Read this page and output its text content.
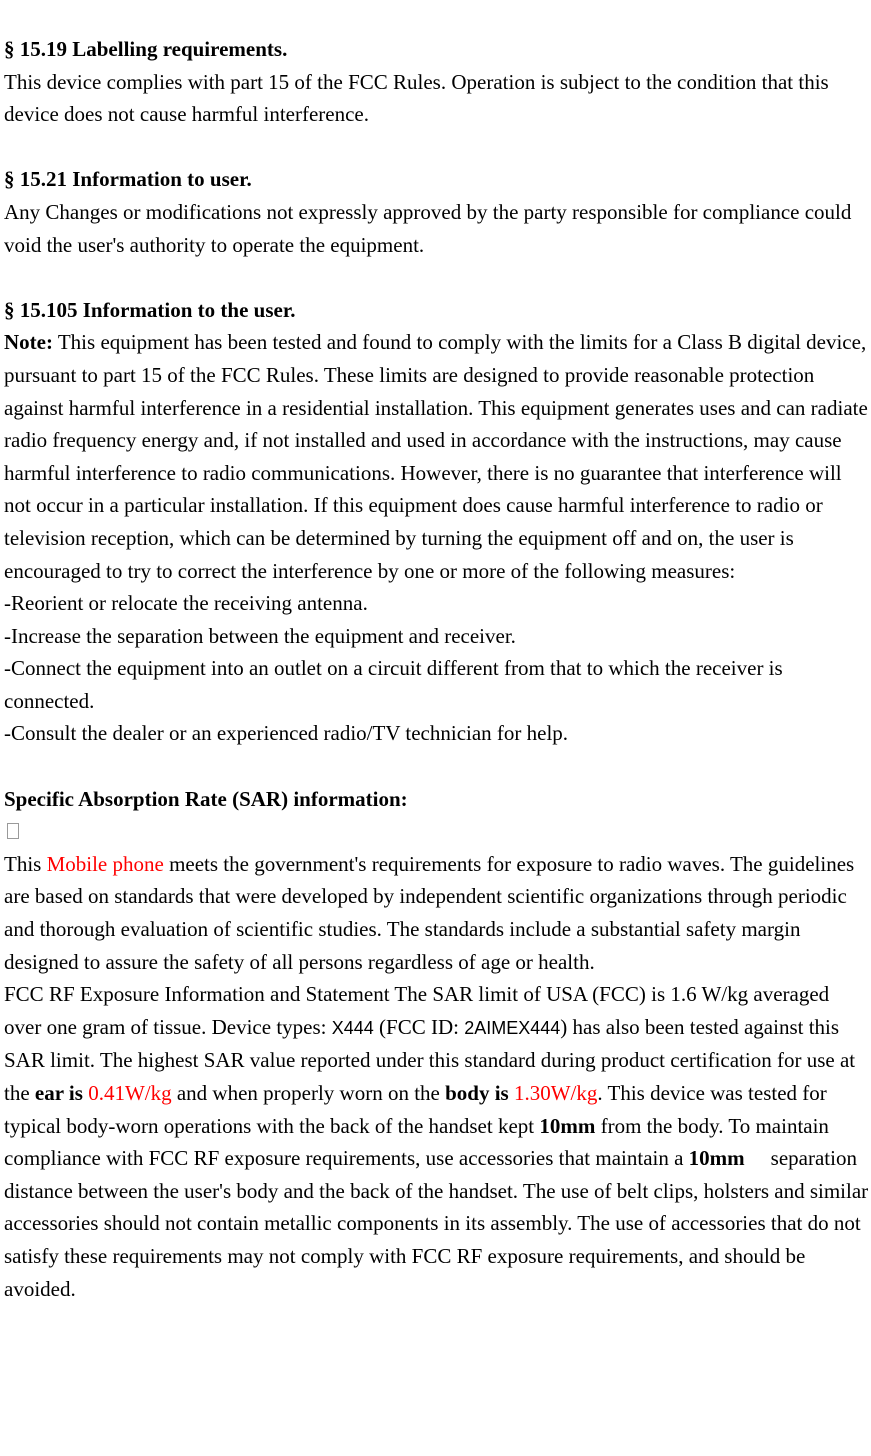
§ 15.19 Labelling requirements.

This device complies with part 15 of the FCC Rules. Operation is subject to the condition that this device does not cause harmful interference.

§ 15.21 Information to user.

Any Changes or modifications not expressly approved by the party responsible for compliance could void the user's authority to operate the equipment.

§ 15.105 Information to the user.

Note: This equipment has been tested and found to comply with the limits for a Class B digital device, pursuant to part 15 of the FCC Rules. These limits are designed to provide reasonable protection against harmful interference in a residential installation. This equipment generates uses and can radiate radio frequency energy and, if not installed and used in accordance with the instructions, may cause harmful interference to radio communications. However, there is no guarantee that interference will not occur in a particular installation. If this equipment does cause harmful interference to radio or television reception, which can be determined by turning the equipment off and on, the user is encouraged to try to correct the interference by one or more of the following measures:

-Reorient or relocate the receiving antenna.

-Increase the separation between the equipment and receiver.

-Connect the equipment into an outlet on a circuit different from that to which the receiver is connected.

-Consult the dealer or an experienced radio/TV technician for help.

Specific Absorption Rate (SAR) information:

This Mobile phone meets the government's requirements for exposure to radio waves. The guidelines are based on standards that were developed by independent scientific organizations through periodic and thorough evaluation of scientific studies. The standards include a substantial safety margin designed to assure the safety of all persons regardless of age or health.

FCC RF Exposure Information and Statement The SAR limit of USA (FCC) is 1.6 W/kg averaged over one gram of tissue. Device types: X444 (FCC ID: 2AIMEX444) has also been tested against this SAR limit. The highest SAR value reported under this standard during product certification for use at the ear is 0.41W/kg and when properly worn on the body is 1.30W/kg. This device was tested for typical body-worn operations with the back of the handset kept 10mm from the body. To maintain compliance with FCC RF exposure requirements, use accessories that maintain a 10mm separation distance between the user's body and the back of the handset. The use of belt clips, holsters and similar accessories should not contain metallic components in its assembly. The use of accessories that do not satisfy these requirements may not comply with FCC RF exposure requirements, and should be avoided.
